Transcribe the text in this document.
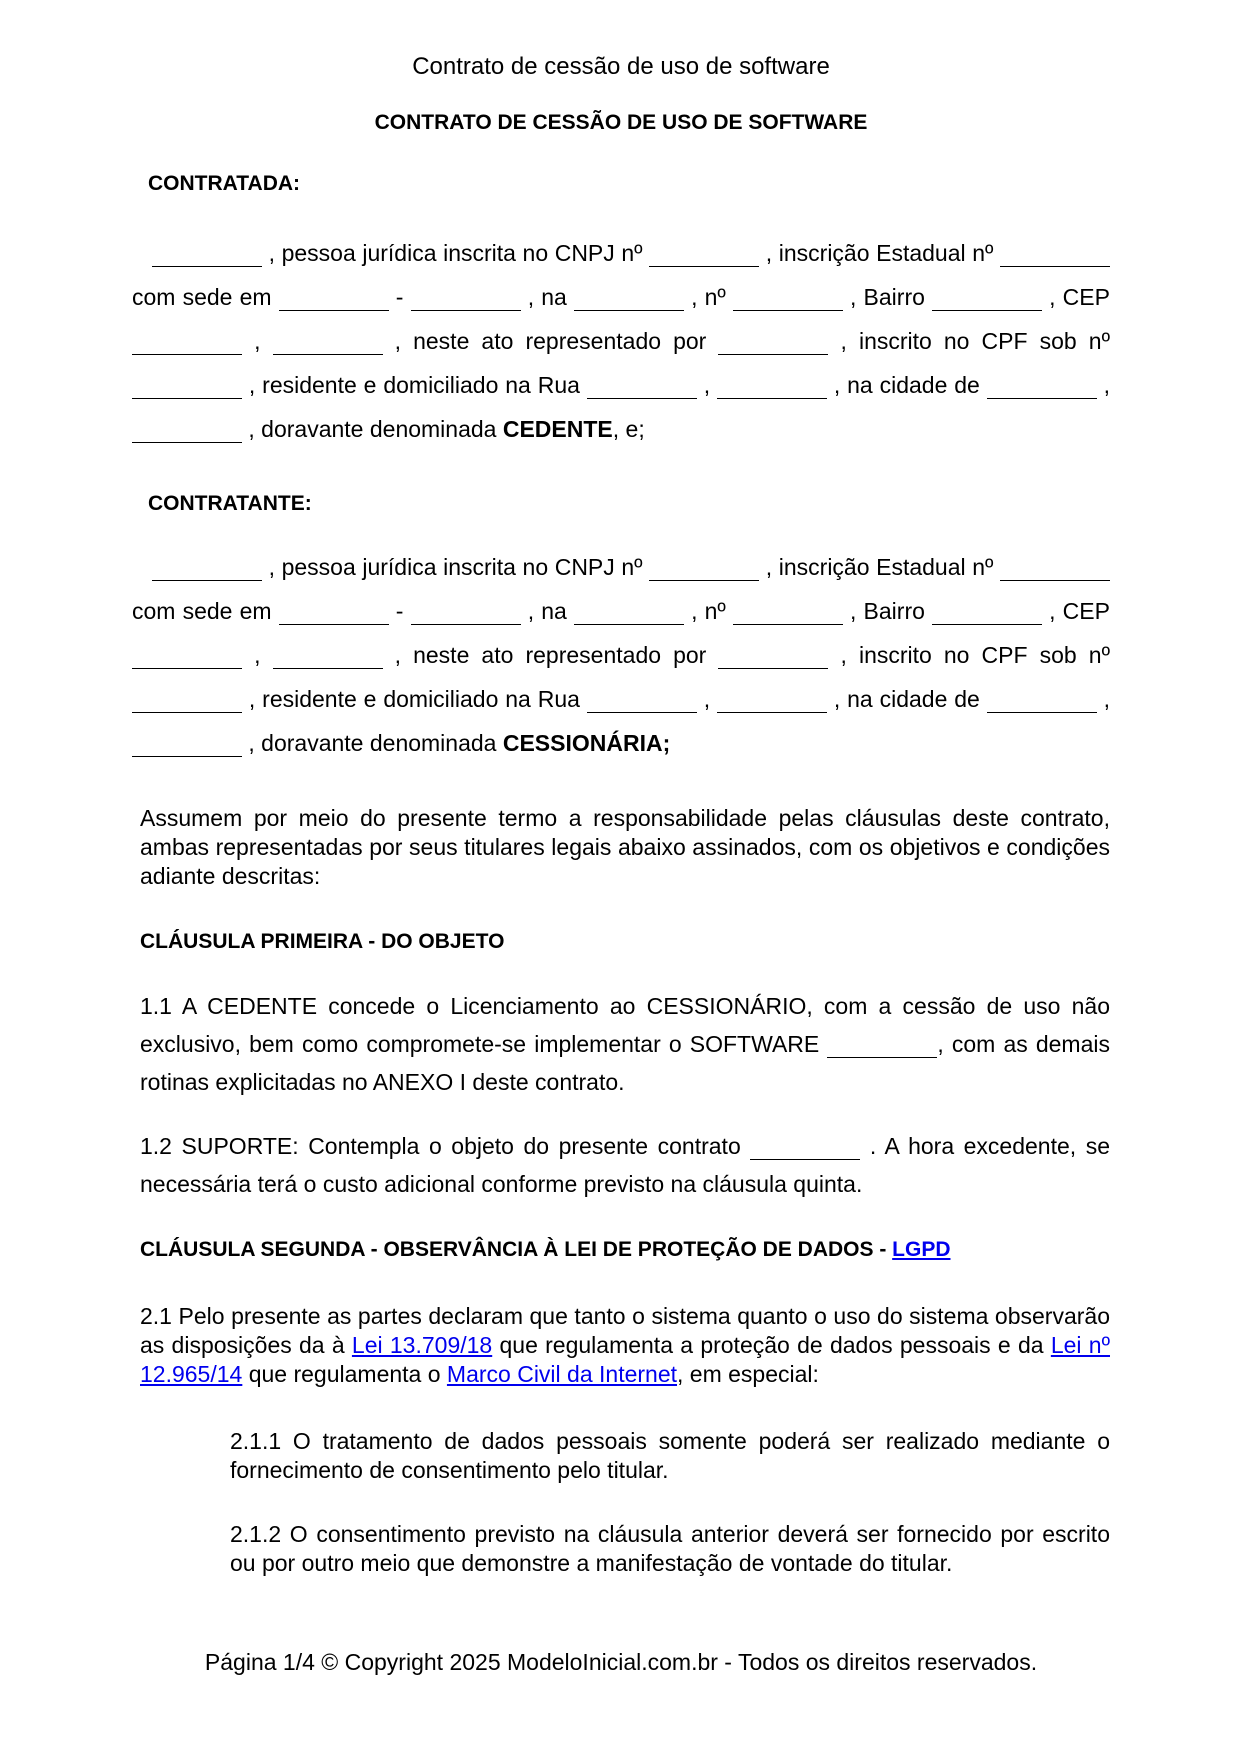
Contrato de cessão de uso de software

CONTRATO DE CESSÃO DE USO DE SOFTWARE

CONTRATADA:

, pessoa jurídica inscrita no CNPJ nº	, inscrição Estadual nº  com sede em	-	, na	, nº	, Bairro	, CEP  ,	, neste ato representado por	, inscrito no CPF sob nº  , residente e domiciliado na Rua	,	, na cidade de	,  , doravante denominada CEDENTE, e;

CONTRATANTE:

, pessoa jurídica inscrita no CNPJ nº	, inscrição Estadual nº  com sede em	-	, na	, nº	, Bairro	, CEP  ,	, neste ato representado por	, inscrito no CPF sob nº  , residente e domiciliado na Rua	,	, na cidade de	,  , doravante denominada CESSIONÁRIA;

Assumem por meio do presente termo a responsabilidade pelas cláusulas deste contrato, ambas representadas por seus titulares legais abaixo assinados, com os objetivos e condições adiante descritas:

CLÁUSULA PRIMEIRA - DO OBJETO

1.1 A CEDENTE concede o Licenciamento ao CESSIONÁRIO, com a cessão de uso não exclusivo, bem como compromete-se implementar o SOFTWARE	, com as demais rotinas explicitadas no ANEXO I deste contrato.

1.2 SUPORTE: Contempla o objeto do presente contrato	. A hora excedente, se necessária terá o custo adicional conforme previsto na cláusula quinta.

CLÁUSULA SEGUNDA - OBSERVÂNCIA À LEI DE PROTEÇÃO DE DADOS - LGPD

2.1 Pelo presente as partes declaram que tanto o sistema quanto o uso do sistema observarão as disposições da à Lei 13.709/18 que regulamenta a proteção de dados pessoais e da Lei nº 12.965/14 que regulamenta o Marco Civil da Internet, em especial:

2.1.1 O tratamento de dados pessoais somente poderá ser realizado mediante o fornecimento de consentimento pelo titular.

2.1.2 O consentimento previsto na cláusula anterior deverá ser fornecido por escrito ou por outro meio que demonstre a manifestação de vontade do titular.

Página 1/4 © Copyright 2025 ModeloInicial.com.br - Todos os direitos reservados.
